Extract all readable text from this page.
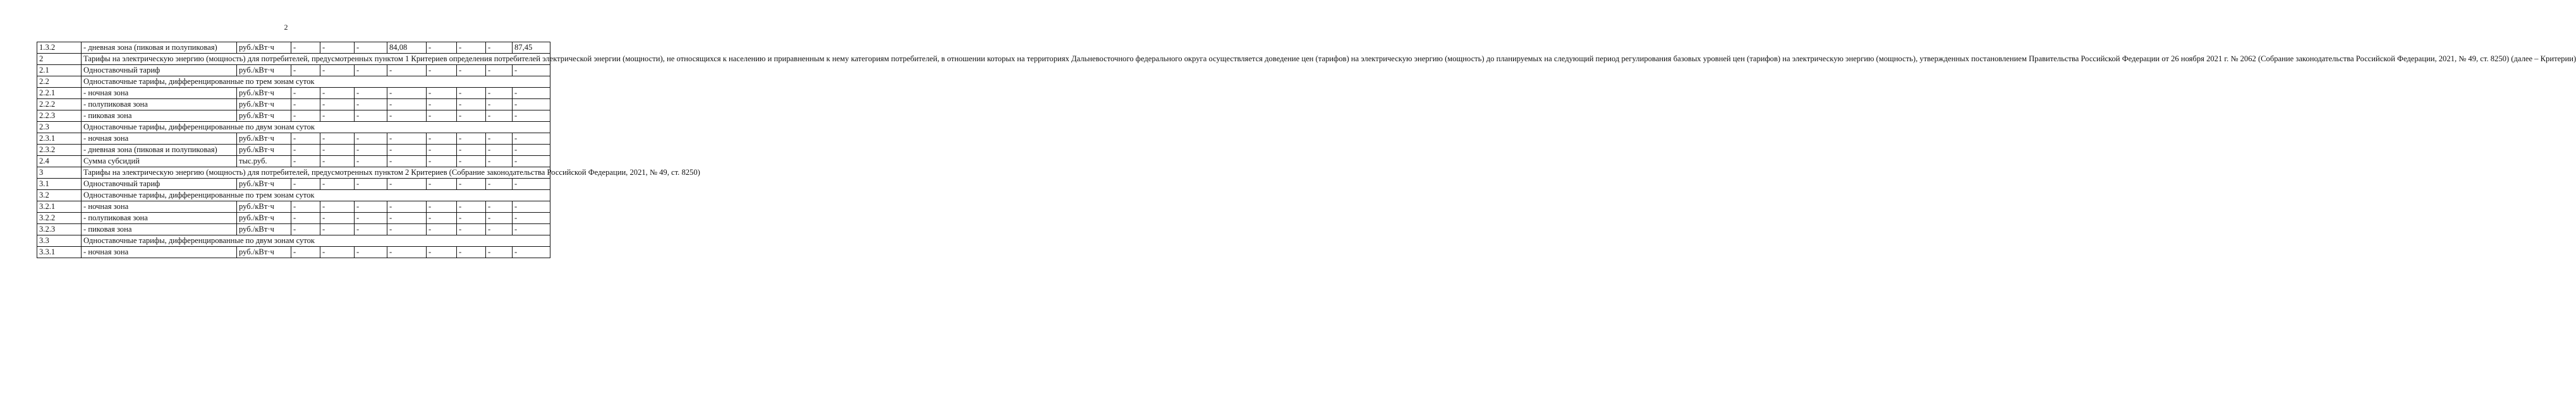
2
1.3.2	- дневная зона (пиковая и полупиковая)	руб./кВт·ч	-	-	-	84,08	-	-	-	87,45
2	Тарифы на электрическую энергию (мощность) для потребителей, предусмотренных пунктом 1 Критериев определения потребителей электрической энергии (мощности), не относящихся к населению и приравненным к нему категориям потребителей, в отношении которых на территориях Дальневосточного федерального округа осуществляется доведение цен (тарифов) на электрическую энергию (мощность) до планируемых на следующий период регулирования базовых уровней цен (тарифов) на электрическую энергию (мощность), утвержденных постановлением Правительства Российской Федерации от 26 ноября 2021 г. № 2062 (Собрание законодательства Российской Федерации, 2021, № 49, ст. 8250) (далее – Критерии)									
2.1	Одноставочный тариф	руб./кВт·ч	-	-	-	-	-	-	-	-
2.2	Одноставочные тарифы, дифференцированные по трем зонам суток									
2.2.1	- ночная зона	руб./кВт·ч	-	-	-	-	-	-	-	-
2.2.2	- полупиковая зона	руб./кВт·ч	-	-	-	-	-	-	-	-
2.2.3	- пиковая зона	руб./кВт·ч	-	-	-	-	-	-	-	-
2.3	Одноставочные тарифы, дифференцированные по двум зонам суток									
2.3.1	- ночная зона	руб./кВт·ч	-	-	-	-	-	-	-	-
2.3.2	- дневная зона (пиковая и полупиковая)	руб./кВт·ч	-	-	-	-	-	-	-	-
2.4	Сумма субсидий	тыс.руб.	-	-	-	-	-	-	-	-
3	Тарифы на электрическую энергию (мощность) для потребителей, предусмотренных пунктом 2 Критериев (Собрание законодательства Российской Федерации, 2021, № 49, ст. 8250)									
3.1	Одноставочный тариф	руб./кВт·ч	-	-	-	-	-	-	-	-
3.2	Одноставочные тарифы, дифференцированные по трем зонам суток									
3.2.1	- ночная зона	руб./кВт·ч	-	-	-	-	-	-	-	-
3.2.2	- полупиковая зона	руб./кВт·ч	-	-	-	-	-	-	-	-
3.2.3	- пиковая зона	руб./кВт·ч	-	-	-	-	-	-	-	-
3.3	Одноставочные тарифы, дифференцированные по двум зонам суток									
3.3.1	- ночная зона	руб./кВт·ч	-	-	-	-	-	-	-	-
